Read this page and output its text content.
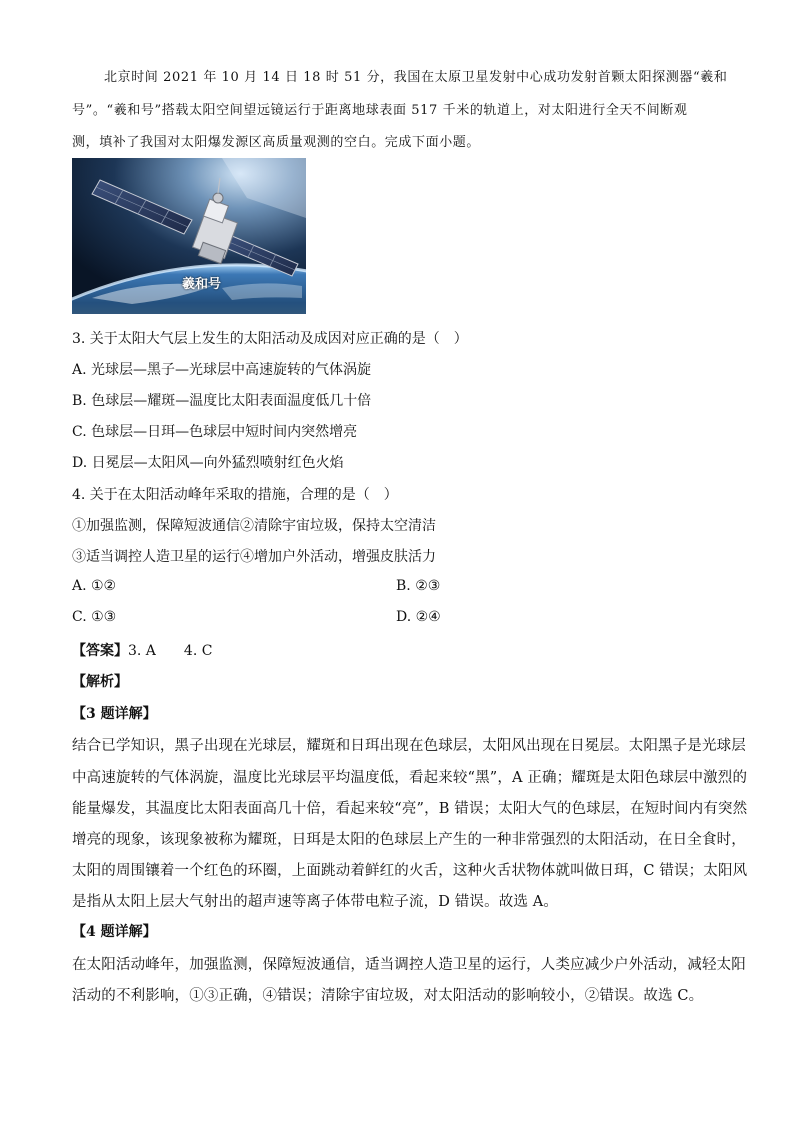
北京时间 2021 年 10 月 14 日 18 时 51 分，我国在太原卫星发射中心成功发射首颗太阳探测器“羲和
号”。“羲和号”搭载太阳空间望远镜运行于距离地球表面 517 千米的轨道上，对太阳进行全天不间断观
测，填补了我国对太阳爆发源区高质量观测的空白。完成下面小题。
羲和号
3. 关于太阳大气层上发生的太阳活动及成因对应正确的是（　）
A. 光球层—黑子—光球层中高速旋转的气体涡旋
B. 色球层—耀斑—温度比太阳表面温度低几十倍
C. 色球层—日珥—色球层中短时间内突然增亮
D. 日冕层—太阳风—向外猛烈喷射红色火焰
4. 关于在太阳活动峰年采取的措施，合理的是（　）
①加强监测，保障短波通信②清除宇宙垃圾，保持太空清洁
③适当调控人造卫星的运行④增加户外活动，增强皮肤活力
A. ①②	B. ②③
C. ①③	D. ②④
【答案】3. A　　4. C
【解析】
【3 题详解】
结合已学知识，黑子出现在光球层，耀斑和日珥出现在色球层，太阳风出现在日冕层。太阳黑子是光球层
中高速旋转的气体涡旋，温度比光球层平均温度低，看起来较“黑”，A 正确；耀斑是太阳色球层中激烈的
能量爆发，其温度比太阳表面高几十倍，看起来较“亮”，B 错误；太阳大气的色球层，在短时间内有突然
增亮的现象，该现象被称为耀斑，日珥是太阳的色球层上产生的一种非常强烈的太阳活动，在日全食时，
太阳的周围镶着一个红色的环圈，上面跳动着鲜红的火舌，这种火舌状物体就叫做日珥，C 错误；太阳风
是指从太阳上层大气射出的超声速等离子体带电粒子流，D 错误。故选 A。
【4 题详解】
在太阳活动峰年，加强监测，保障短波通信，适当调控人造卫星的运行，人类应减少户外活动，减轻太阳
活动的不利影响，①③正确，④错误；清除宇宙垃圾，对太阳活动的影响较小，②错误。故选 C。
